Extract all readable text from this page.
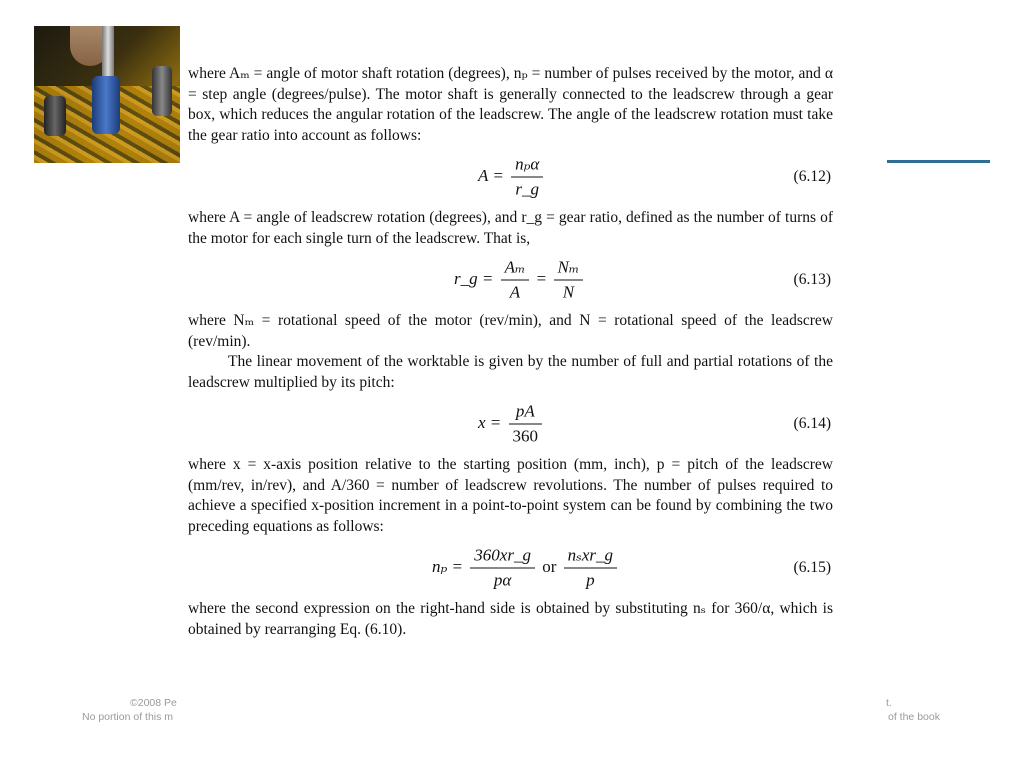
where Aₘ = angle of motor shaft rotation (degrees), nₚ = number of pulses received by the motor, and α = step angle (degrees/pulse). The motor shaft is generally connected to the leadscrew through a gear box, which reduces the angular rotation of the leadscrew. The angle of the leadscrew rotation must take the gear ratio into account as follows:

$A = \frac{\text{nₚα}}{r\_g}$	(6.12)

where A = angle of leadscrew rotation (degrees), and r_g = gear ratio, defined as the number of turns of the motor for each single turn of the leadscrew. That is,

r_g = $\frac{\text{Aₘ}}{A} = \frac{\text{Nₘ}}{N}$	(6.13)

where Nₘ = rotational speed of the motor (rev/min), and N = rotational speed of the leadscrew (rev/min).

The linear movement of the worktable is given by the number of full and partial rotations of the leadscrew multiplied by its pitch:

$x = \frac{pA}{360}$	(6.14)

where x = x-axis position relative to the starting position (mm, inch), p = pitch of the leadscrew (mm/rev, in/rev), and A/360 = number of leadscrew revolutions. The number of pulses required to achieve a specified x-position increment in a point-to-point system can be found by combining the two preceding equations as follows:

$n_p = \frac{360xr\_g}{p\alpha}$ or $\frac{\text{nₛxr\_g}}{p}$	(6.15)

where the second expression on the right-hand side is obtained by substituting nₛ for 360/α, which is obtained by rearranging Eq. (6.10).

©2008 Pe	t.
No portion of this m	of the book
